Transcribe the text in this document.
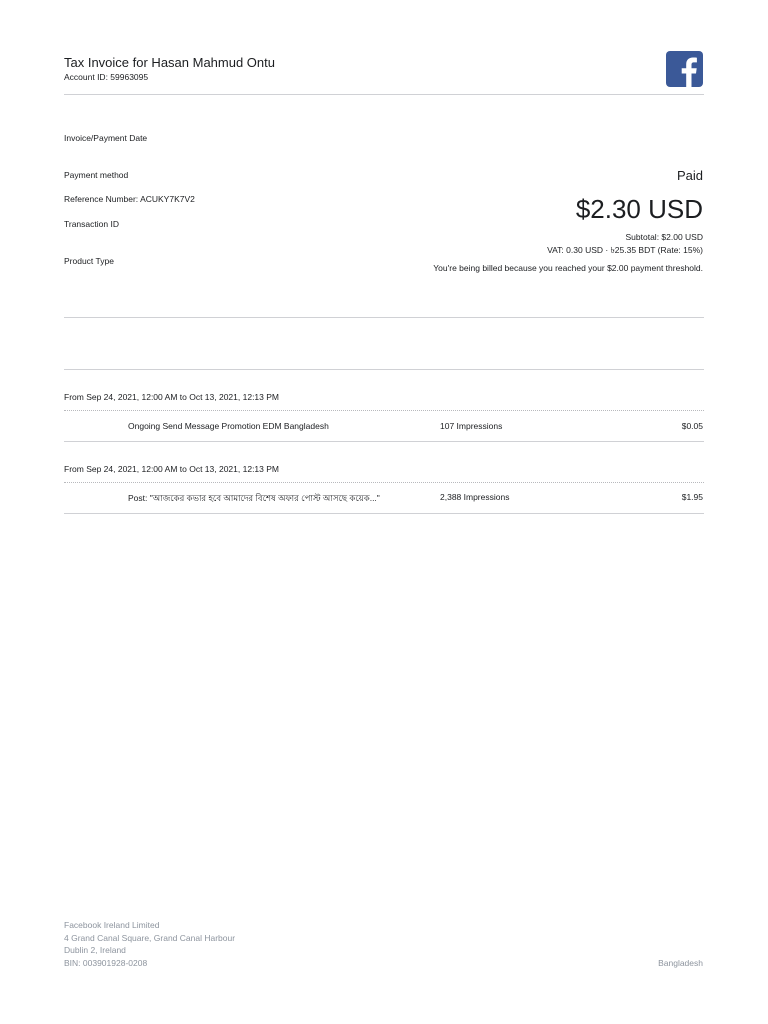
Tax Invoice for Hasan Mahmud Ontu
Account ID: 59963095
Invoice/Payment Date
Payment method
Reference Number: ACUKY7K7V2
Transaction ID
Product Type
Paid
$2.30 USD
Subtotal: $2.00 USD
VAT: 0.30 USD · ৳25.35 BDT (Rate: 15%)
You're being billed because you reached your $2.00 payment threshold.
From Sep 24, 2021, 12:00 AM to Oct 13, 2021, 12:13 PM
Ongoing Send Message Promotion EDM Bangladesh	107 Impressions	$0.05
From Sep 24, 2021, 12:00 AM to Oct 13, 2021, 12:13 PM
Post: "আজকের কভার হবে আমাদের বিশেষ অফার পোস্ট আসছে কয়েক..."	2,388 Impressions	$1.95
Facebook Ireland Limited
4 Grand Canal Square, Grand Canal Harbour
Dublin 2, Ireland
BIN: 003901928-0208	Bangladesh
